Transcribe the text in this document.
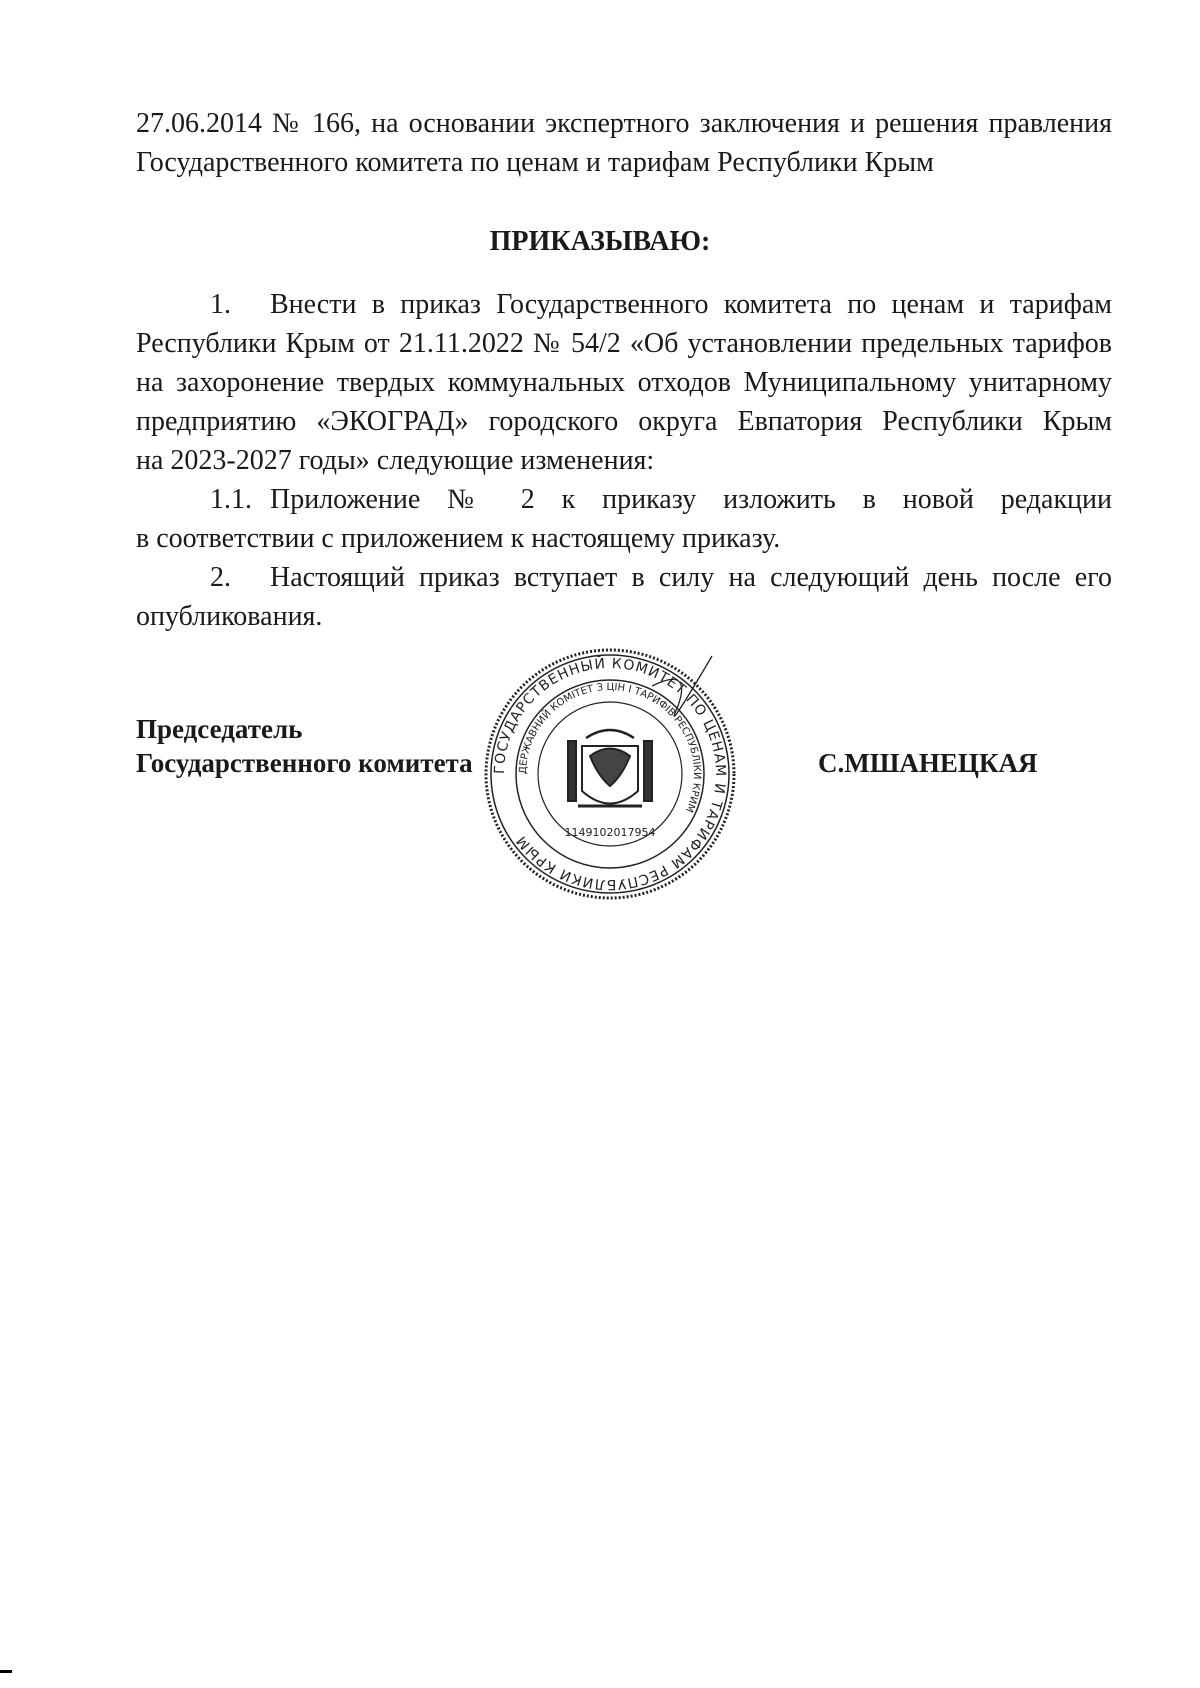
27.06.2014 № 166, на основании экспертного заключения и решения правления
Государственного комитета по ценам и тарифам Республики Крым
ПРИКАЗЫВАЮ:
1.	Внести в приказ Государственного комитета по ценам и тарифам
Республики Крым от 21.11.2022 № 54/2 «Об установлении предельных тарифов
на захоронение твердых коммунальных отходов Муниципальному унитарному
предприятию «ЭКОГРАД» городского округа Евпатория Республики Крым
на 2023-2027 годы» следующие изменения:
1.1. Приложение № 2 к приказу изложить в новой редакции
в соответствии с приложением к настоящему приказу.
2.	Настоящий приказ вступает в силу на следующий день после его
опубликования.
Председатель
Государственного комитета	С.МШАНЕЦКАЯ
ГОСУДАРСТВЕННЫЙ КОМИТЕТ ПО ЦЕНАМ И ТАРИФАМ РЕСПУБЛИКИ КРЫМ
ДЕРЖАВНИЙ КОМІТЕТ З ЦІН І ТАРИФІВ РЕСПУБЛІКИ КРИМ
1149102017954
